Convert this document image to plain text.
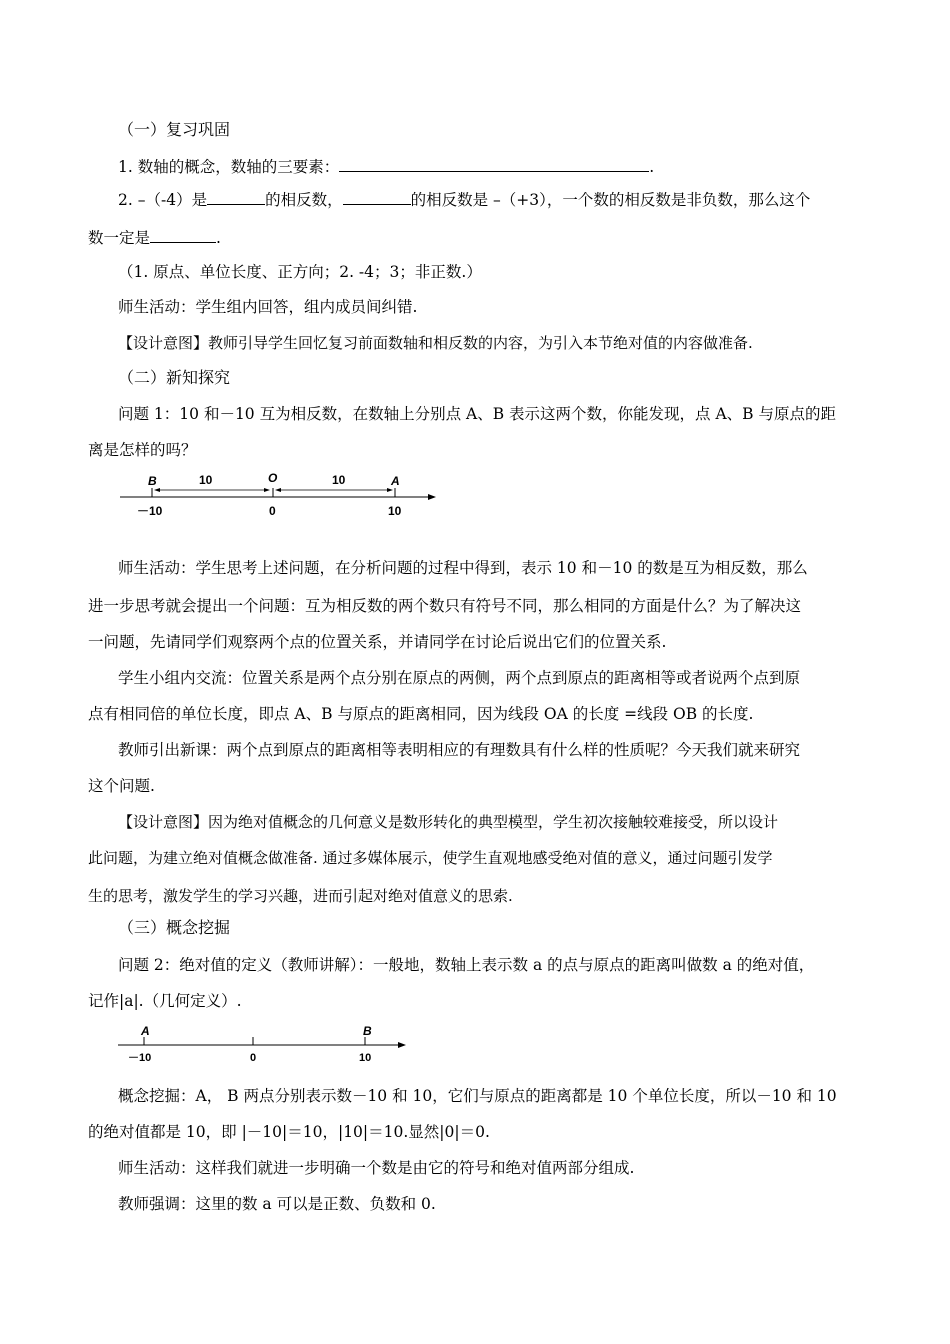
（一）复习巩固
1. 数轴的概念，数轴的三要素：	.
2. –（-4）是	的相反数，	的相反数是 –（+3），一个数的相反数是非负数，那么这个
数一定是	.
（1. 原点、单位长度、正方向；2. -4；3；非正数.）
师生活动：学生组内回答，组内成员间纠错.
【设计意图】教师引导学生回忆复习前面数轴和相反数的内容，为引入本节绝对值的内容做准备.
（二）新知探究
问题 1：10 和－10 互为相反数，在数轴上分别点 A、B 表示这两个数，你能发现，点 A、B 与原点的距
离是怎样的吗？
B	10	O	10	A
－10	0	10
师生活动：学生思考上述问题，在分析问题的过程中得到，表示 10 和－10 的数是互为相反数，那么
进一步思考就会提出一个问题：互为相反数的两个数只有符号不同，那么相同的方面是什么？为了解决这
一问题，先请同学们观察两个点的位置关系，并请同学在讨论后说出它们的位置关系.
学生小组内交流：位置关系是两个点分别在原点的两侧，两个点到原点的距离相等或者说两个点到原
点有相同倍的单位长度，即点 A、B 与原点的距离相同，因为线段 OA 的长度 =线段 OB 的长度.
教师引出新课：两个点到原点的距离相等表明相应的有理数具有什么样的性质呢？今天我们就来研究
这个问题.
【设计意图】因为绝对值概念的几何意义是数形转化的典型模型，学生初次接触较难接受，所以设计
此问题，为建立绝对值概念做准备. 通过多媒体展示，使学生直观地感受绝对值的意义，通过问题引发学
生的思考，激发学生的学习兴趣，进而引起对绝对值意义的思索.
（三）概念挖掘
问题 2：绝对值的定义（教师讲解）：一般地，数轴上表示数 a 的点与原点的距离叫做数 a 的绝对值，
记作|a|.（几何定义）.
A	B
－10	0	10
概念挖掘：A， B 两点分别表示数－10 和 10，它们与原点的距离都是 10 个单位长度，所以－10 和 10
的绝对值都是 10，即 |－10|＝10，|10|＝10.显然|0|＝0.
师生活动：这样我们就进一步明确一个数是由它的符号和绝对值两部分组成.
教师强调：这里的数 a 可以是正数、负数和 0.
